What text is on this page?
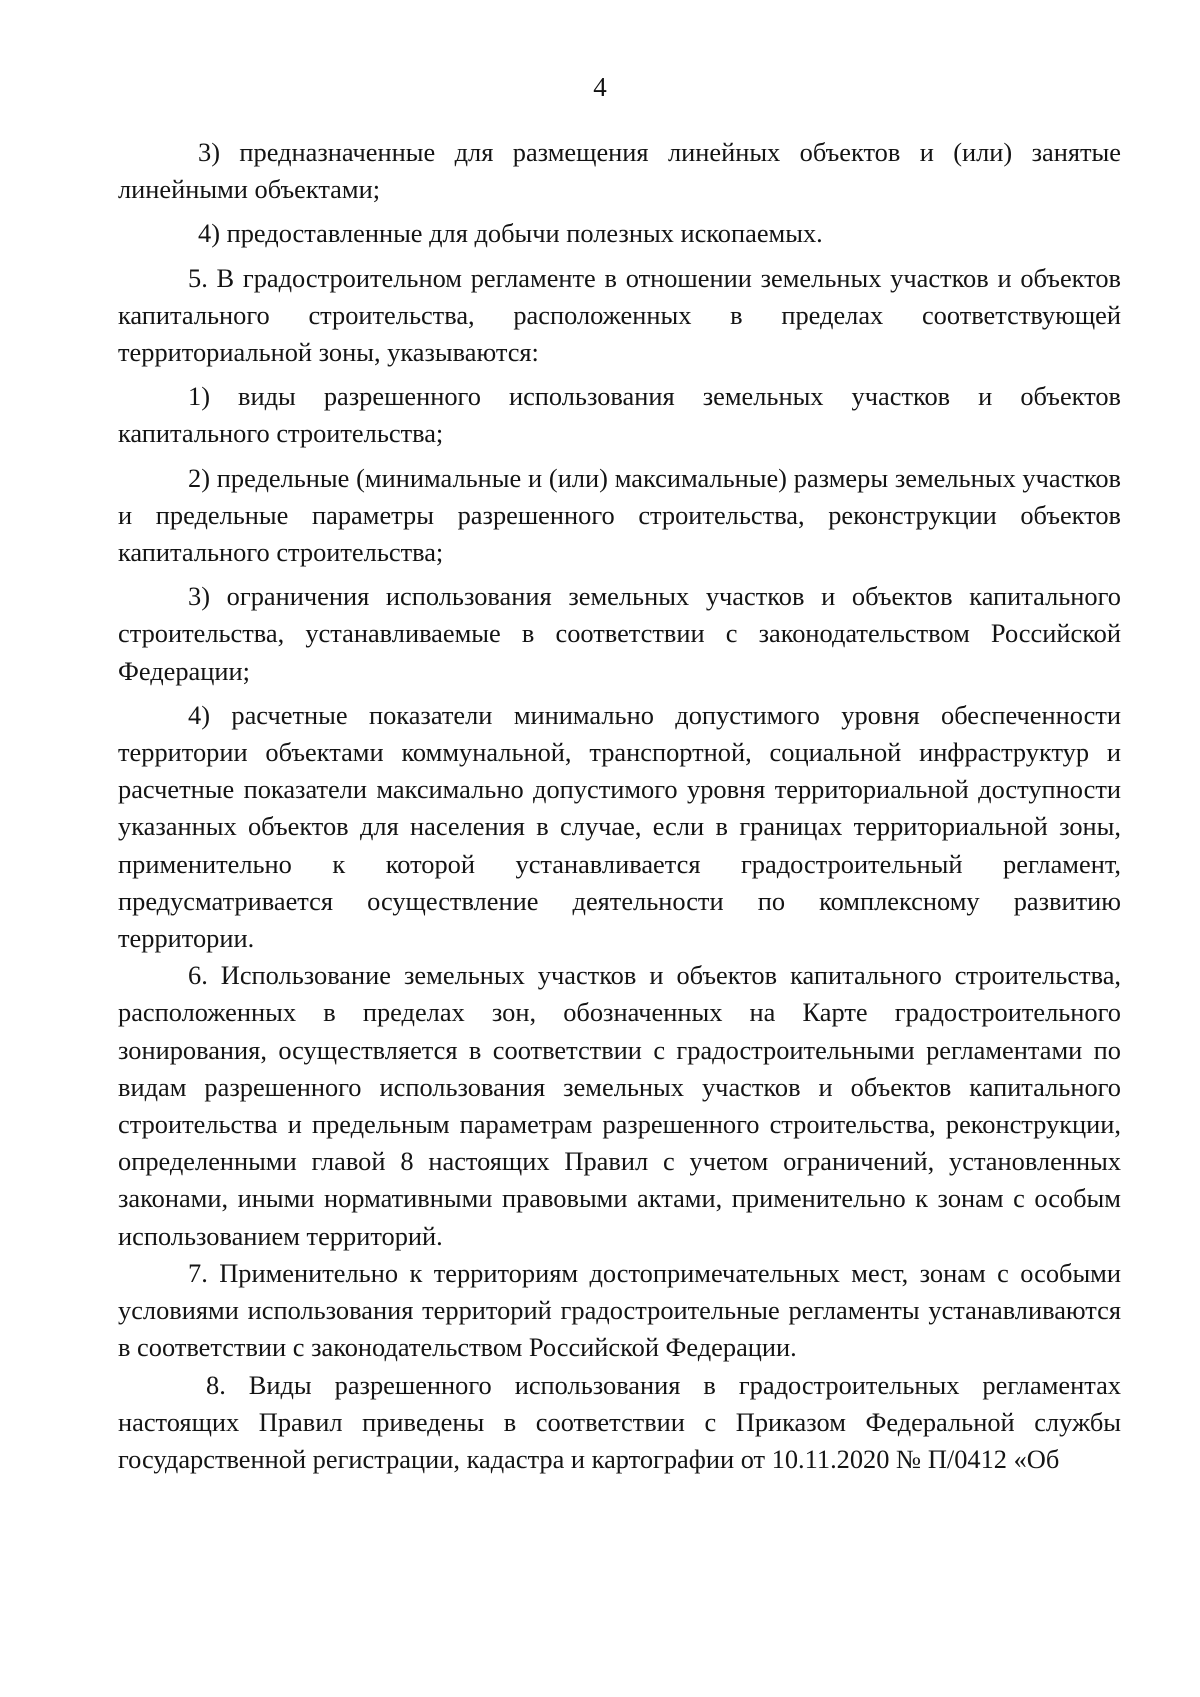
4

3) предназначенные для размещения линейных объектов и (или) занятые линейными объектами;

4) предоставленные для добычи полезных ископаемых.

5. В градостроительном регламенте в отношении земельных участков и объектов капитального строительства, расположенных в пределах соответствующей территориальной зоны, указываются:

1) виды разрешенного использования земельных участков и объектов капитального строительства;

2) предельные (минимальные и (или) максимальные) размеры земельных участков и предельные параметры разрешенного строительства, реконструкции объектов капитального строительства;

3) ограничения использования земельных участков и объектов капитального строительства, устанавливаемые в соответствии с законодательством Российской Федерации;

4) расчетные показатели минимально допустимого уровня обеспеченности территории объектами коммунальной, транспортной, социальной инфраструктур и расчетные показатели максимально допустимого уровня территориальной доступности указанных объектов для населения в случае, если в границах территориальной зоны, применительно к которой устанавливается градостроительный регламент, предусматривается осуществление деятельности по комплексному развитию территории.

6. Использование земельных участков и объектов капитального строительства, расположенных в пределах зон, обозначенных на Карте градостроительного зонирования, осуществляется в соответствии с градостроительными регламентами по видам разрешенного использования земельных участков и объектов капитального строительства и предельным параметрам разрешенного строительства, реконструкции, определенными главой 8 настоящих Правил с учетом ограничений, установленных законами, иными нормативными правовыми актами, применительно к зонам с особым использованием территорий.

7. Применительно к территориям достопримечательных мест, зонам с особыми условиями использования территорий градостроительные регламенты устанавливаются в соответствии с законодательством Российской Федерации.

8. Виды разрешенного использования в градостроительных регламентах настоящих Правил приведены в соответствии с Приказом Федеральной службы государственной регистрации, кадастра и картографии от 10.11.2020 № П/0412 «Об
